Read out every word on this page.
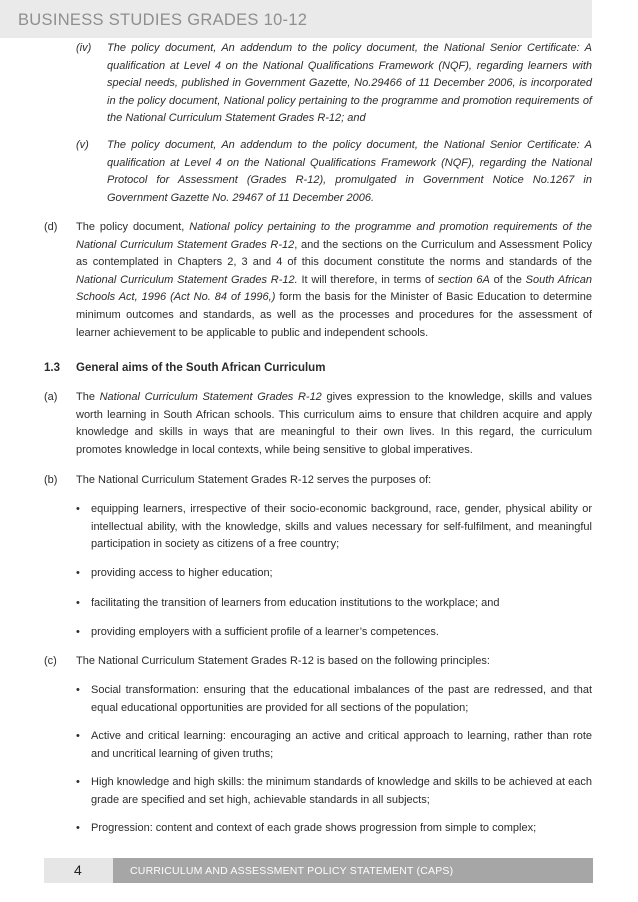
BUSINESS STUDIES GRADES 10-12
(iv) The policy document, An addendum to the policy document, the National Senior Certificate: A qualification at Level 4 on the National Qualifications Framework (NQF), regarding learners with special needs, published in Government Gazette, No.29466 of 11 December 2006, is incorporated in the policy document, National policy pertaining to the programme and promotion requirements of the National Curriculum Statement Grades R-12; and
(v) The policy document, An addendum to the policy document, the National Senior Certificate: A qualification at Level 4 on the National Qualifications Framework (NQF), regarding the National Protocol for Assessment (Grades R-12), promulgated in Government Notice No.1267 in Government Gazette No. 29467 of 11 December 2006.
(d) The policy document, National policy pertaining to the programme and promotion requirements of the National Curriculum Statement Grades R-12, and the sections on the Curriculum and Assessment Policy as contemplated in Chapters 2, 3 and 4 of this document constitute the norms and standards of the National Curriculum Statement Grades R-12. It will therefore, in terms of section 6A of the South African Schools Act, 1996 (Act No. 84 of 1996,) form the basis for the Minister of Basic Education to determine minimum outcomes and standards, as well as the processes and procedures for the assessment of learner achievement to be applicable to public and independent schools.
1.3 General aims of the South African Curriculum
(a) The National Curriculum Statement Grades R-12 gives expression to the knowledge, skills and values worth learning in South African schools. This curriculum aims to ensure that children acquire and apply knowledge and skills in ways that are meaningful to their own lives. In this regard, the curriculum promotes knowledge in local contexts, while being sensitive to global imperatives.
(b) The National Curriculum Statement Grades R-12 serves the purposes of:
• equipping learners, irrespective of their socio-economic background, race, gender, physical ability or intellectual ability, with the knowledge, skills and values necessary for self-fulfilment, and meaningful participation in society as citizens of a free country;
• providing access to higher education;
• facilitating the transition of learners from education institutions to the workplace; and
• providing employers with a sufficient profile of a learner’s competences.
(c) The National Curriculum Statement Grades R-12 is based on the following principles:
• Social transformation: ensuring that the educational imbalances of the past are redressed, and that equal educational opportunities are provided for all sections of the population;
• Active and critical learning: encouraging an active and critical approach to learning, rather than rote and uncritical learning of given truths;
• High knowledge and high skills: the minimum standards of knowledge and skills to be achieved at each grade are specified and set high, achievable standards in all subjects;
• Progression: content and context of each grade shows progression from simple to complex;
4	CURRICULUM AND ASSESSMENT POLICY STATEMENT (CAPS)
